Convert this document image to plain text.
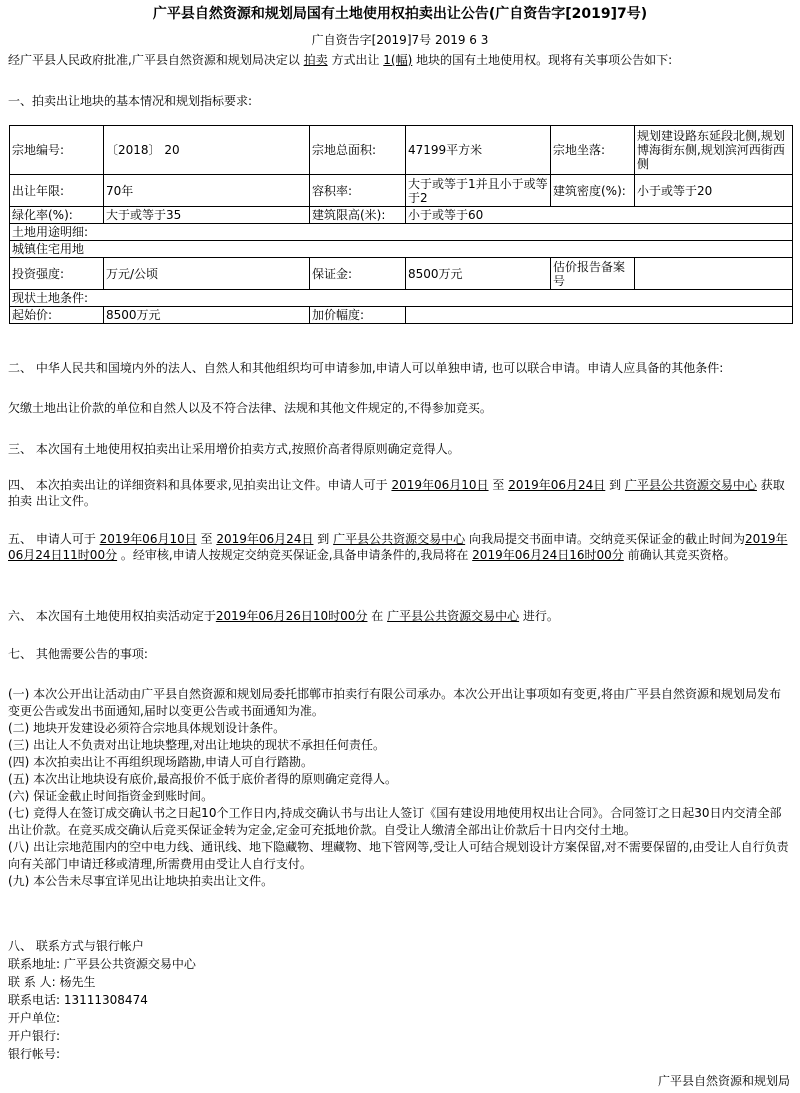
广平县自然资源和规划局国有土地使用权拍卖出让公告(广自资告字[2019]7号)
广自资告字[2019]7号 2019 6 3
经广平县人民政府批准,广平县自然资源和规划局决定以 拍卖 方式出让 1(幅) 地块的国有土地使用权。现将有关事项公告如下:
一、拍卖出让地块的基本情况和规划指标要求:
宗地编号:	〔2018〕 20	宗地总面积:	47199平方米	宗地坐落:	规划建设路东延段北侧,规划博海街东侧,规划滨河西街西侧
出让年限:	70年	容积率:	大于或等于1并且小于或等于2	建筑密度(%):	小于或等于20
绿化率(%):	大于或等于35	建筑限高(米):	小于或等于60		
土地用途明细:					
城镇住宅用地					
投资强度:	万元/公顷	保证金:	8500万元	估价报告备案号	
现状土地条件:					
起始价:	8500万元	加价幅度:			
二、 中华人民共和国境内外的法人、自然人和其他组织均可申请参加,申请人可以单独申请, 也可以联合申请。申请人应具备的其他条件:
欠缴土地出让价款的单位和自然人以及不符合法律、法规和其他文件规定的,不得参加竞买。
三、 本次国有土地使用权拍卖出让采用增价拍卖方式,按照价高者得原则确定竞得人。
四、 本次拍卖出让的详细资料和具体要求,见拍卖出让文件。申请人可于 2019年06月10日 至 2019年06月24日 到 广平县公共资源交易中心 获取 拍卖 出让文件。
五、 申请人可于 2019年06月10日 至 2019年06月24日 到 广平县公共资源交易中心 向我局提交书面申请。交纳竞买保证金的截止时间为2019年06月24日11时00分 。经审核,申请人按规定交纳竞买保证金,具备申请条件的,我局将在 2019年06月24日16时00分 前确认其竞买资格。
六、 本次国有土地使用权拍卖活动定于2019年06月26日10时00分 在 广平县公共资源交易中心 进行。
七、 其他需要公告的事项:
(一) 本次公开出让活动由广平县自然资源和规划局委托邯郸市拍卖行有限公司承办。本次公开出让事项如有变更,将由广平县自然资源和规划局发布变更公告或发出书面通知,届时以变更公告或书面通知为准。
(二) 地块开发建设必须符合宗地具体规划设计条件。
(三) 出让人不负责对出让地块整理,对出让地块的现状不承担任何责任。
(四) 本次拍卖出让不再组织现场踏勘,申请人可自行踏勘。
(五) 本次出让地块设有底价,最高报价不低于底价者得的原则确定竞得人。
(六) 保证金截止时间指资金到账时间。
(七) 竞得人在签订成交确认书之日起10个工作日内,持成交确认书与出让人签订《国有建设用地使用权出让合同》。合同签订之日起30日内交清全部出让价款。在竞买成交确认后竞买保证金转为定金,定金可充抵地价款。自受让人缴清全部出让价款后十日内交付土地。
(八) 出让宗地范围内的空中电力线、通讯线、地下隐藏物、埋藏物、地下管网等,受让人可结合规划设计方案保留,对不需要保留的,由受让人自行负责向有关部门申请迁移或清理,所需费用由受让人自行支付。
(九) 本公告未尽事宜详见出让地块拍卖出让文件。
八、 联系方式与银行帐户
联系地址: 广平县公共资源交易中心
联 系 人: 杨先生
联系电话: 13111308474
开户单位:
开户银行:
银行帐号:
广平县自然资源和规划局
